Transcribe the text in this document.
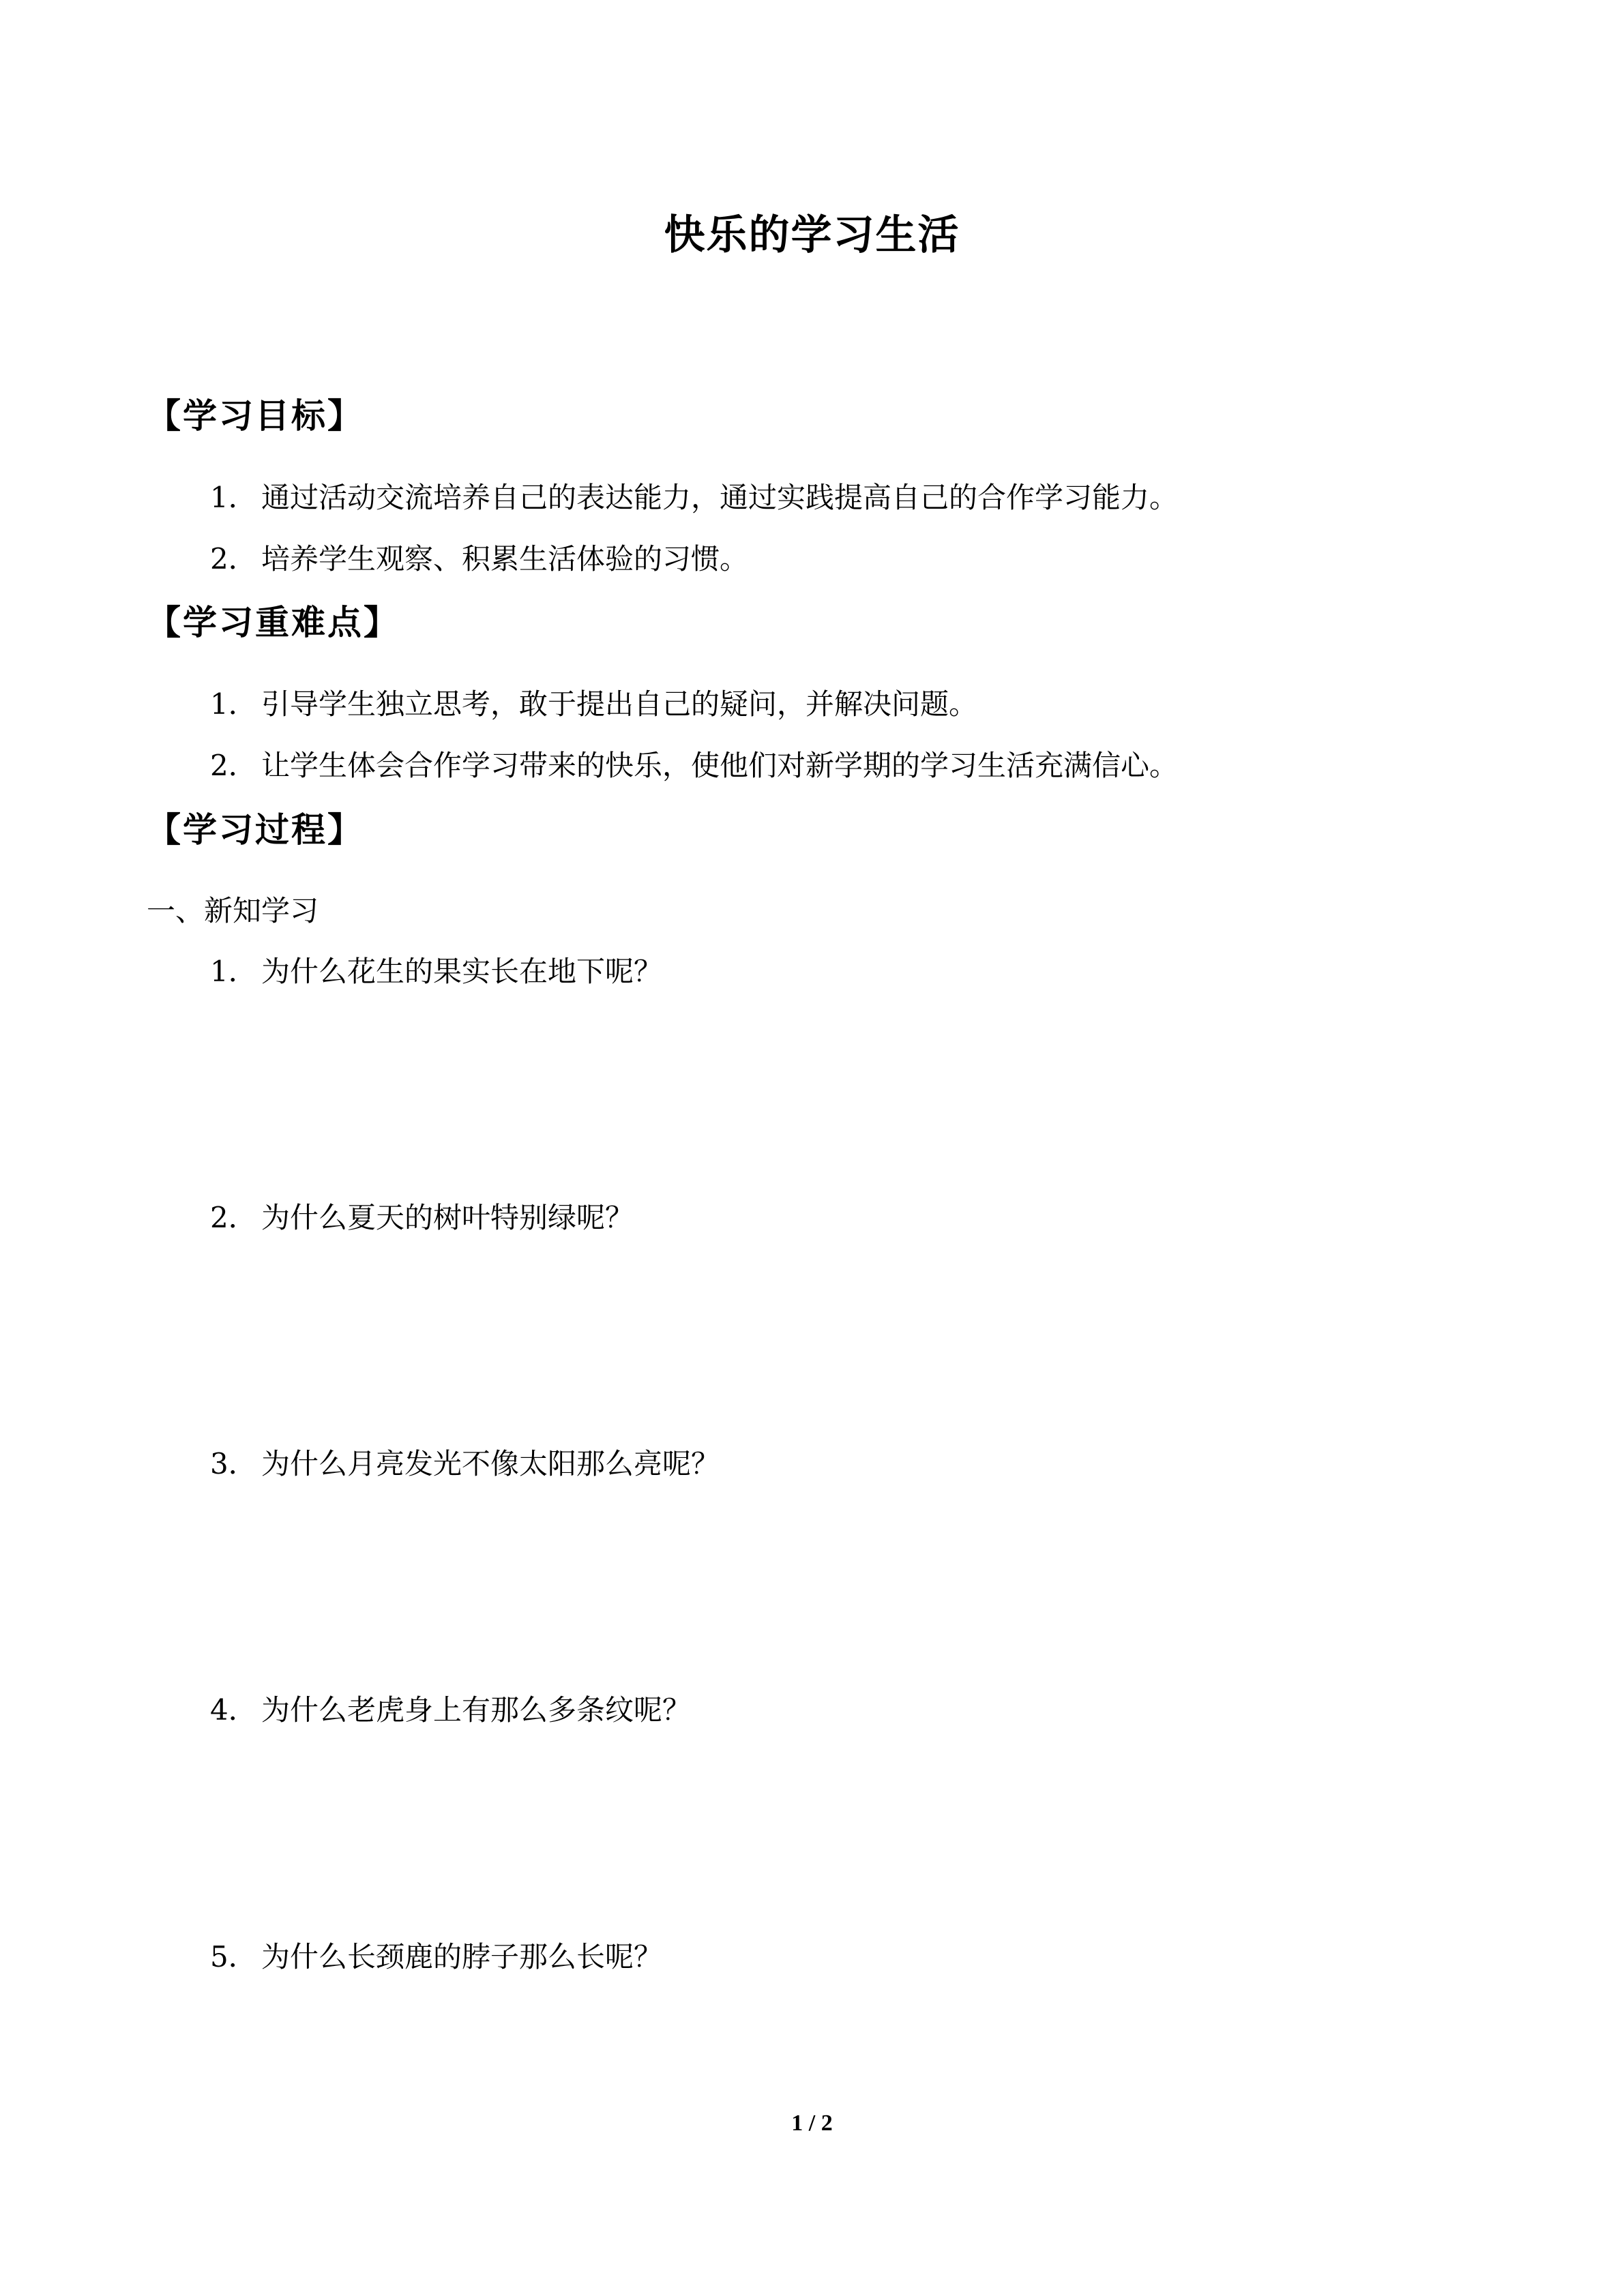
快乐的学习生活
【学习目标】
1． 通过活动交流培养自己的表达能力，通过实践提高自己的合作学习能力。
2． 培养学生观察、积累生活体验的习惯。
【学习重难点】
1． 引导学生独立思考，敢于提出自己的疑问，并解决问题。
2． 让学生体会合作学习带来的快乐，使他们对新学期的学习生活充满信心。
【学习过程】
一、新知学习
1． 为什么花生的果实长在地下呢？
2． 为什么夏天的树叶特别绿呢？
3． 为什么月亮发光不像太阳那么亮呢？
4． 为什么老虎身上有那么多条纹呢？
5． 为什么长颈鹿的脖子那么长呢？
1 / 2
